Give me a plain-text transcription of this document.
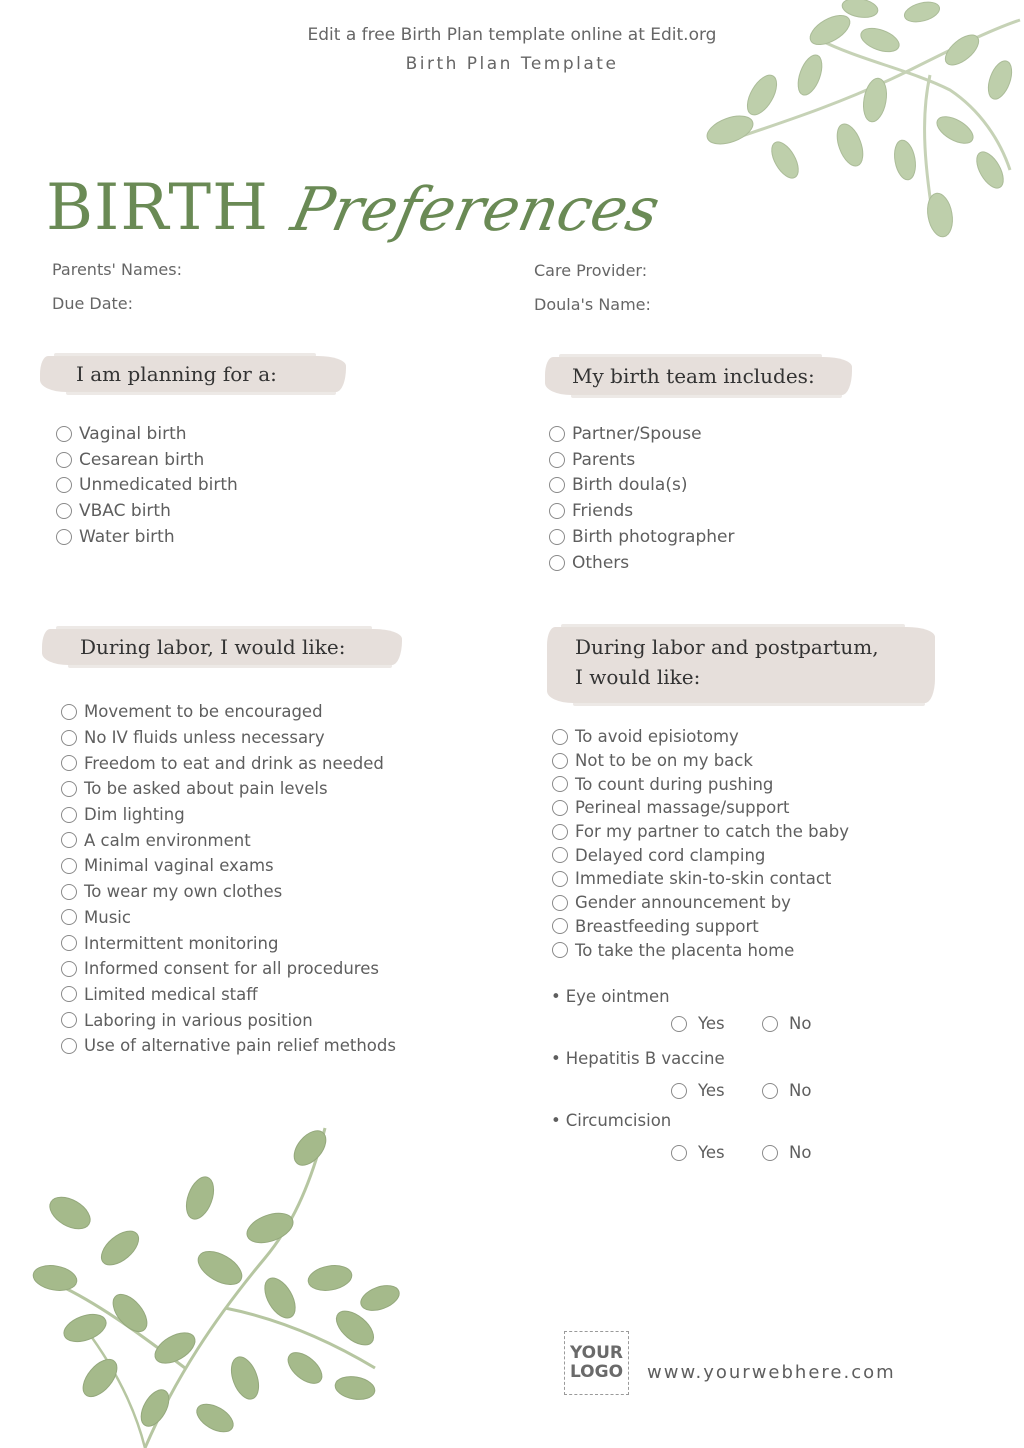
Edit a free Birth Plan template online at Edit.org
Birth Plan Template
BIRTH Preferences
Parents' Names:
Due Date:
Care Provider:
Doula's Name:
I am planning for a:
Vaginal birth
Cesarean birth
Unmedicated birth
VBAC birth
Water birth
My birth team includes:
Partner/Spouse
Parents
Birth doula(s)
Friends
Birth photographer
Others
During labor, I would like:
Movement to be encouraged
No IV fluids unless necessary
Freedom to eat and drink as needed
To be asked about pain levels
Dim lighting
A calm environment
Minimal vaginal exams
To wear my own clothes
Music
Intermittent monitoring
Informed consent for all procedures
Limited medical staff
Laboring in various position
Use of alternative pain relief methods
During labor and postpartum,
I would like:
To avoid episiotomy
Not to be on my back
To count during pushing
Perineal massage/support
For my partner to catch the baby
Delayed cord clamping
Immediate skin-to-skin contact
Gender announcement by
Breastfeeding support
To take the placenta home
• Eye ointmen
Yes	No
• Hepatitis B vaccine
Yes	No
• Circumcision
Yes	No
YOUR
LOGO www.yourwebhere.com
